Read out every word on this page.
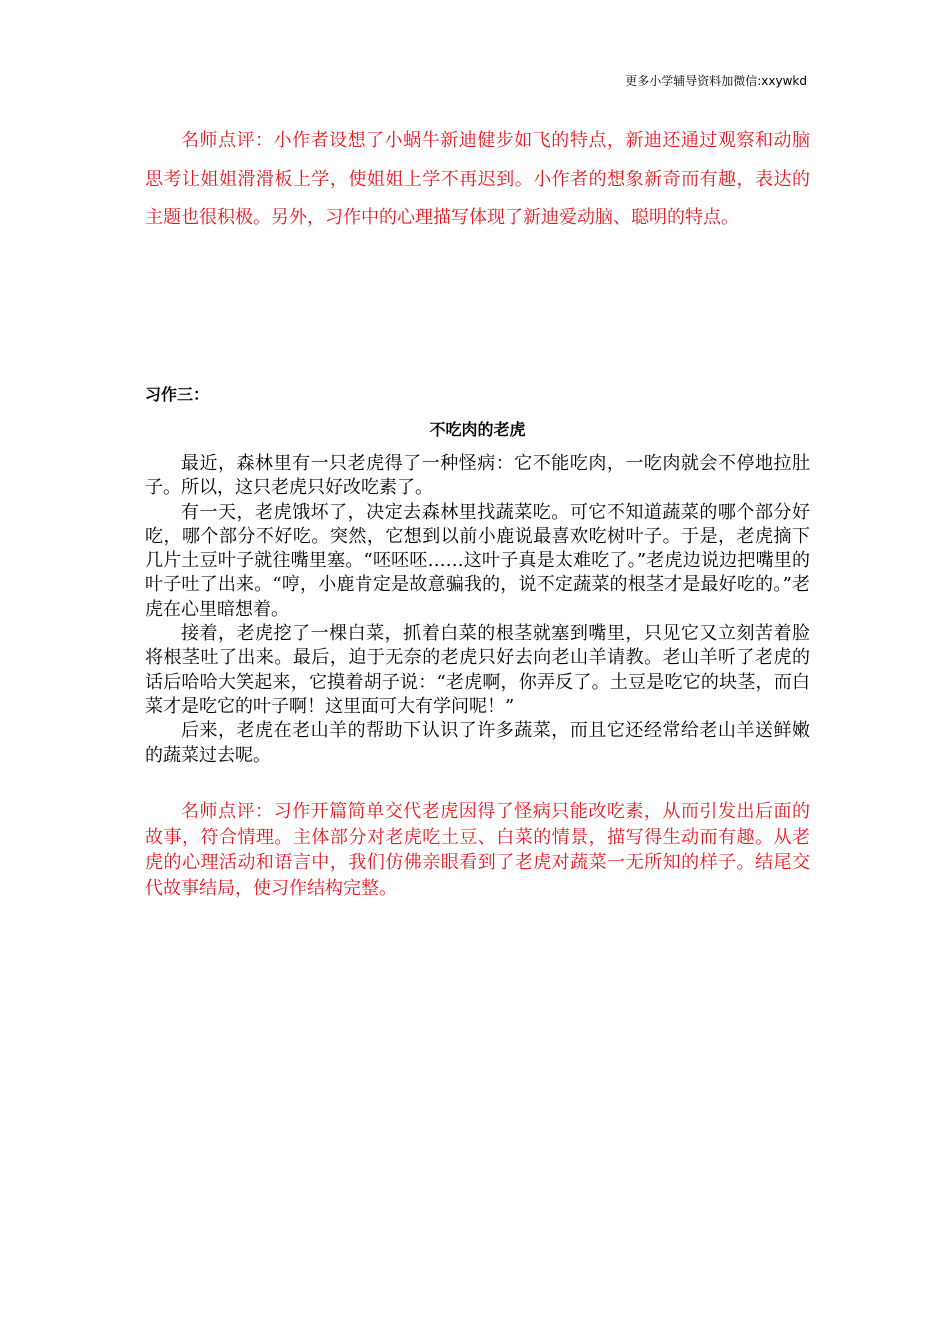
更多小学辅导资料加微信:xxywkd
名师点评：小作者设想了小蜗牛新迪健步如飞的特点，新迪还通过观察和动脑思考让姐姐滑滑板上学，使姐姐上学不再迟到。小作者的想象新奇而有趣，表达的主题也很积极。另外，习作中的心理描写体现了新迪爱动脑、聪明的特点。
习作三：
不吃肉的老虎

最近，森林里有一只老虎得了一种怪病：它不能吃肉，一吃肉就会不停地拉肚子。所以，这只老虎只好改吃素了。

有一天，老虎饿坏了，决定去森林里找蔬菜吃。可它不知道蔬菜的哪个部分好吃，哪个部分不好吃。突然，它想到以前小鹿说最喜欢吃树叶子。于是，老虎摘下几片土豆叶子就往嘴里塞。“呸呸呸……这叶子真是太难吃了。”老虎边说边把嘴里的叶子吐了出来。“哼，小鹿肯定是故意骗我的，说不定蔬菜的根茎才是最好吃的。”老虎在心里暗想着。

接着，老虎挖了一棵白菜，抓着白菜的根茎就塞到嘴里，只见它又立刻苦着脸将根茎吐了出来。最后，迫于无奈的老虎只好去向老山羊请教。老山羊听了老虎的话后哈哈大笑起来，它摸着胡子说：“老虎啊，你弄反了。土豆是吃它的块茎，而白菜才是吃它的叶子啊！这里面可大有学问呢！”

后来，老虎在老山羊的帮助下认识了许多蔬菜，而且它还经常给老山羊送鲜嫩的蔬菜过去呢。

名师点评：习作开篇简单交代老虎因得了怪病只能改吃素，从而引发出后面的故事，符合情理。主体部分对老虎吃土豆、白菜的情景，描写得生动而有趣。从老虎的心理活动和语言中，我们仿佛亲眼看到了老虎对蔬菜一无所知的样子。结尾交代故事结局，使习作结构完整。
